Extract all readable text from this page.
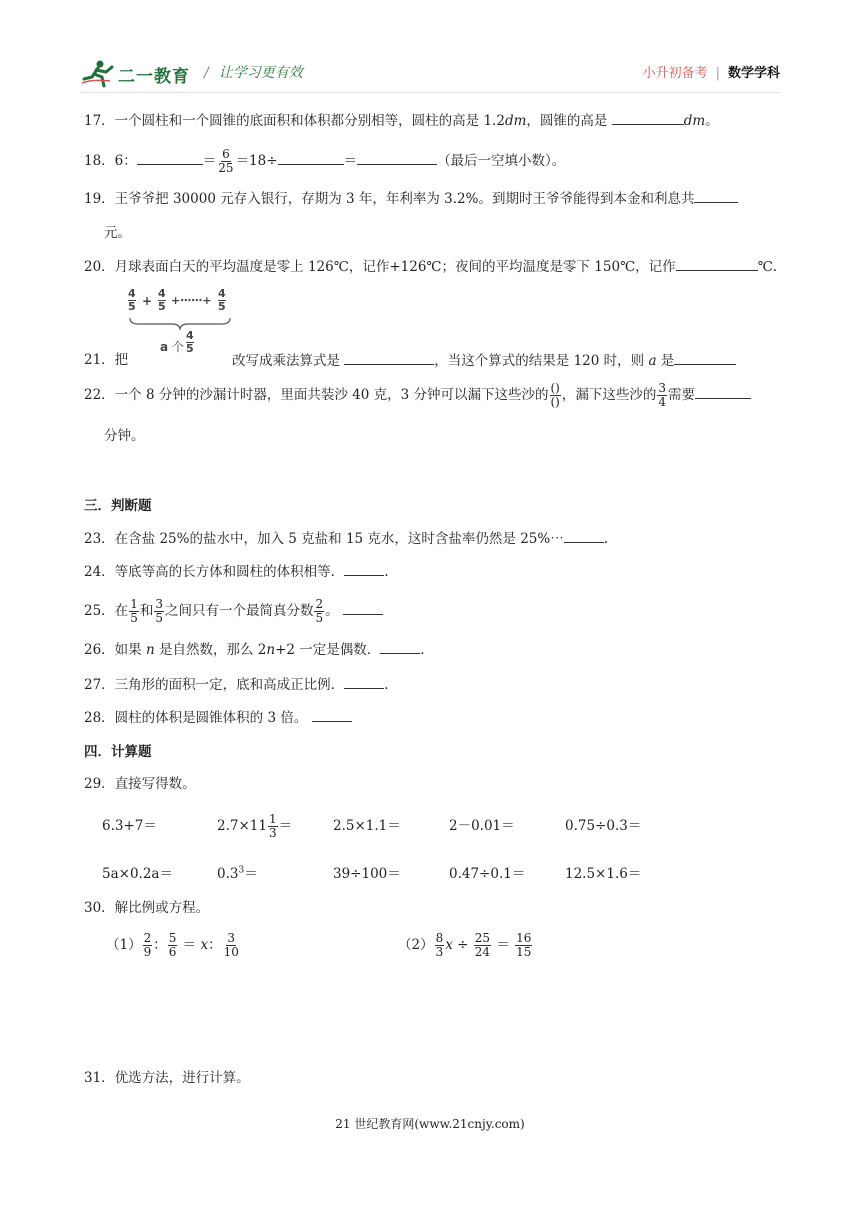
二一教育 / 让学习更有效	小升初备考 | 数学学科
17．一个圆柱和一个圆锥的底面积和体积都分别相等，圆柱的高是 1.2dm，圆锥的高是	dm。
18．6：	＝ $\frac{6}{25} =18\div$	＝	（最后一空填小数）。
19．王爷爷把 30000 元存入银行，存期为 3 年，年利率为 3.2%。到期时王爷爷能得到本金和利息共
元。
20．月球表面白天的平均温度是零上 126℃，记作+126℃；夜间的平均温度是零下 150℃，记作	℃.
4
5 +
4
5 +⋯⋯+
4
5
a 个
4
5
21．把	改写成乘法算式是	，当这个算式的结果是 120 时，则 a 是
22．一个 8 分钟的沙漏计时器，里面共装沙 40 克，3 分钟可以漏下这些沙的 $\frac{()}{()}$ ，漏下这些沙的 $\frac{3}{4}$ 需要
分钟。
三．判断题
23．在含盐 25%的盐水中，加入 5 克盐和 15 克水，这时含盐率仍然是 25%⋯	.
24．等底等高的长方体和圆柱的体积相等．	.
25．在 $\frac{1}{5}$ 和 $\frac{3}{5}$ 之间只有一个最简真分数 $\frac{2}{5}$ 。
26．如果 n 是自然数，那么 2n+2 一定是偶数．	.
27．三角形的面积一定，底和高成正比例．	.
28．圆柱的体积是圆锥体积的 3 倍。
四．计算题
29．直接写得数。
6.3+7＝	$2.7\times 11 \frac{1}{3}$ ＝	2.5×1.1＝	2－0.01＝	0.75÷0.3＝
5a×0.2a＝	$0.3^3=$	39÷100＝	0.47÷0.1＝	12.5×1.6＝
30．解比例或方程。
$(1) \frac{2}{9}$ ： $\frac{5}{6} = x$： $\frac{3}{10}$	$(2) \frac{8}{3}$ $x \div \frac{25}{24} = \frac{16}{15}$
31．优选方法，进行计算。
21 世纪教育网(www.21cnjy.com)
